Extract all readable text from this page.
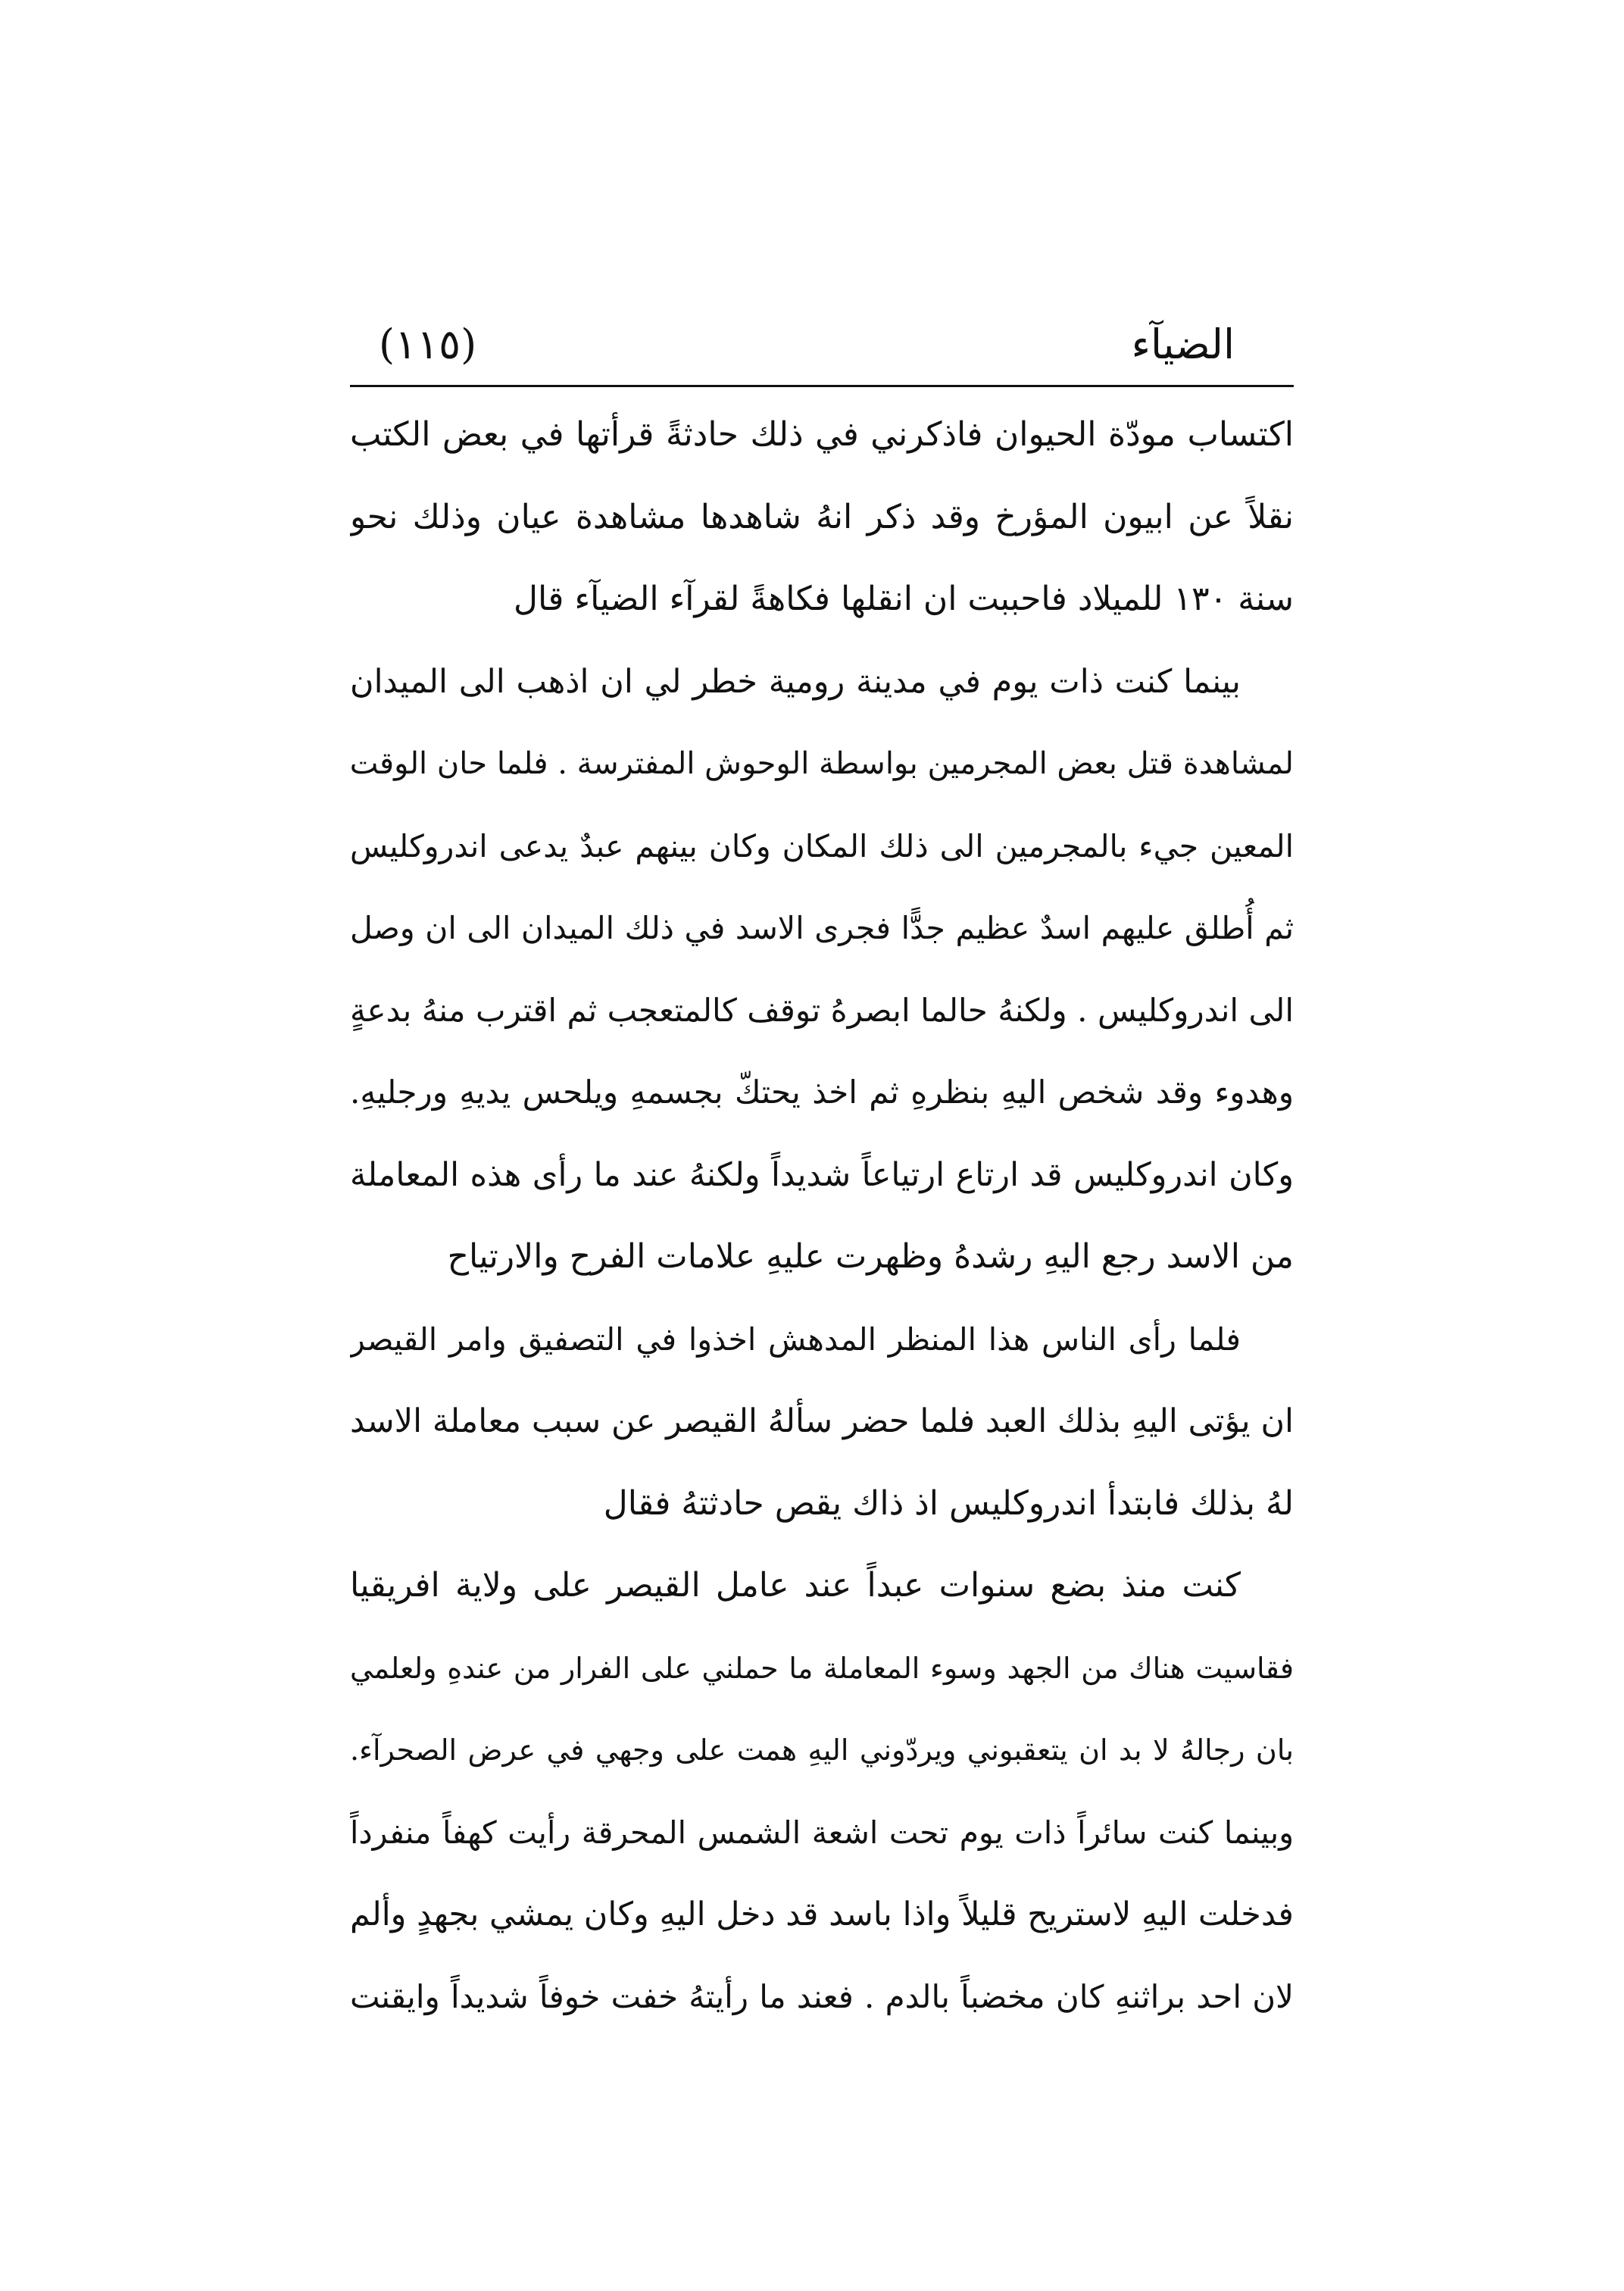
الضيآء
(١١٥)
اكتساب مودّة الحيوان فاذكرني في ذلك حادثةً قرأتها في بعض الكتب
نقلاً عن ابيون المؤرخ وقد ذكر انهُ شاهدها مشاهدة عيان وذلك نحو
سنة ١٣٠ للميلاد فاحببت ان انقلها فكاهةً لقرآء الضيآء قال
بينما كنت ذات يوم في مدينة رومية خطر لي ان اذهب الى الميدان
لمشاهدة قتل بعض المجرمين بواسطة الوحوش المفترسة . فلما حان الوقت
المعين جيء بالمجرمين الى ذلك المكان وكان بينهم عبدٌ يدعى اندروكليس
ثم أُطلق عليهم اسدٌ عظيم جدًّا فجرى الاسد في ذلك الميدان الى ان وصل
الى اندروكليس . ولكنهُ حالما ابصرهُ توقف كالمتعجب ثم اقترب منهُ بدعةٍ
وهدوء وقد شخص اليهِ بنظرهِ ثم اخذ يحتكّ بجسمهِ ويلحس يديهِ ورجليهِ.
وكان اندروكليس قد ارتاع ارتياعاً شديداً ولكنهُ عند ما رأى هذه المعاملة
من الاسد رجع اليهِ رشدهُ وظهرت عليهِ علامات الفرح والارتياح
فلما رأى الناس هذا المنظر المدهش اخذوا في التصفيق وامر القيصر
ان يؤتى اليهِ بذلك العبد فلما حضر سألهُ القيصر عن سبب معاملة الاسد
لهُ بذلك فابتدأ اندروكليس اذ ذاك يقص حادثتهُ فقال
كنت منذ بضع سنوات عبداً عند عامل القيصر على ولاية افريقيا
فقاسيت هناك من الجهد وسوء المعاملة ما حملني على الفرار من عندهِ ولعلمي
بان رجالهُ لا بد ان يتعقبوني ويردّوني اليهِ همت على وجهي في عرض الصحرآء.
وبينما كنت سائراً ذات يوم تحت اشعة الشمس المحرقة رأيت كهفاً منفرداً
فدخلت اليهِ لاستريح قليلاً واذا باسد قد دخل اليهِ وكان يمشي بجهدٍ وألم
لان احد براثنهِ كان مخضباً بالدم . فعند ما رأيتهُ خفت خوفاً شديداً وايقنت
